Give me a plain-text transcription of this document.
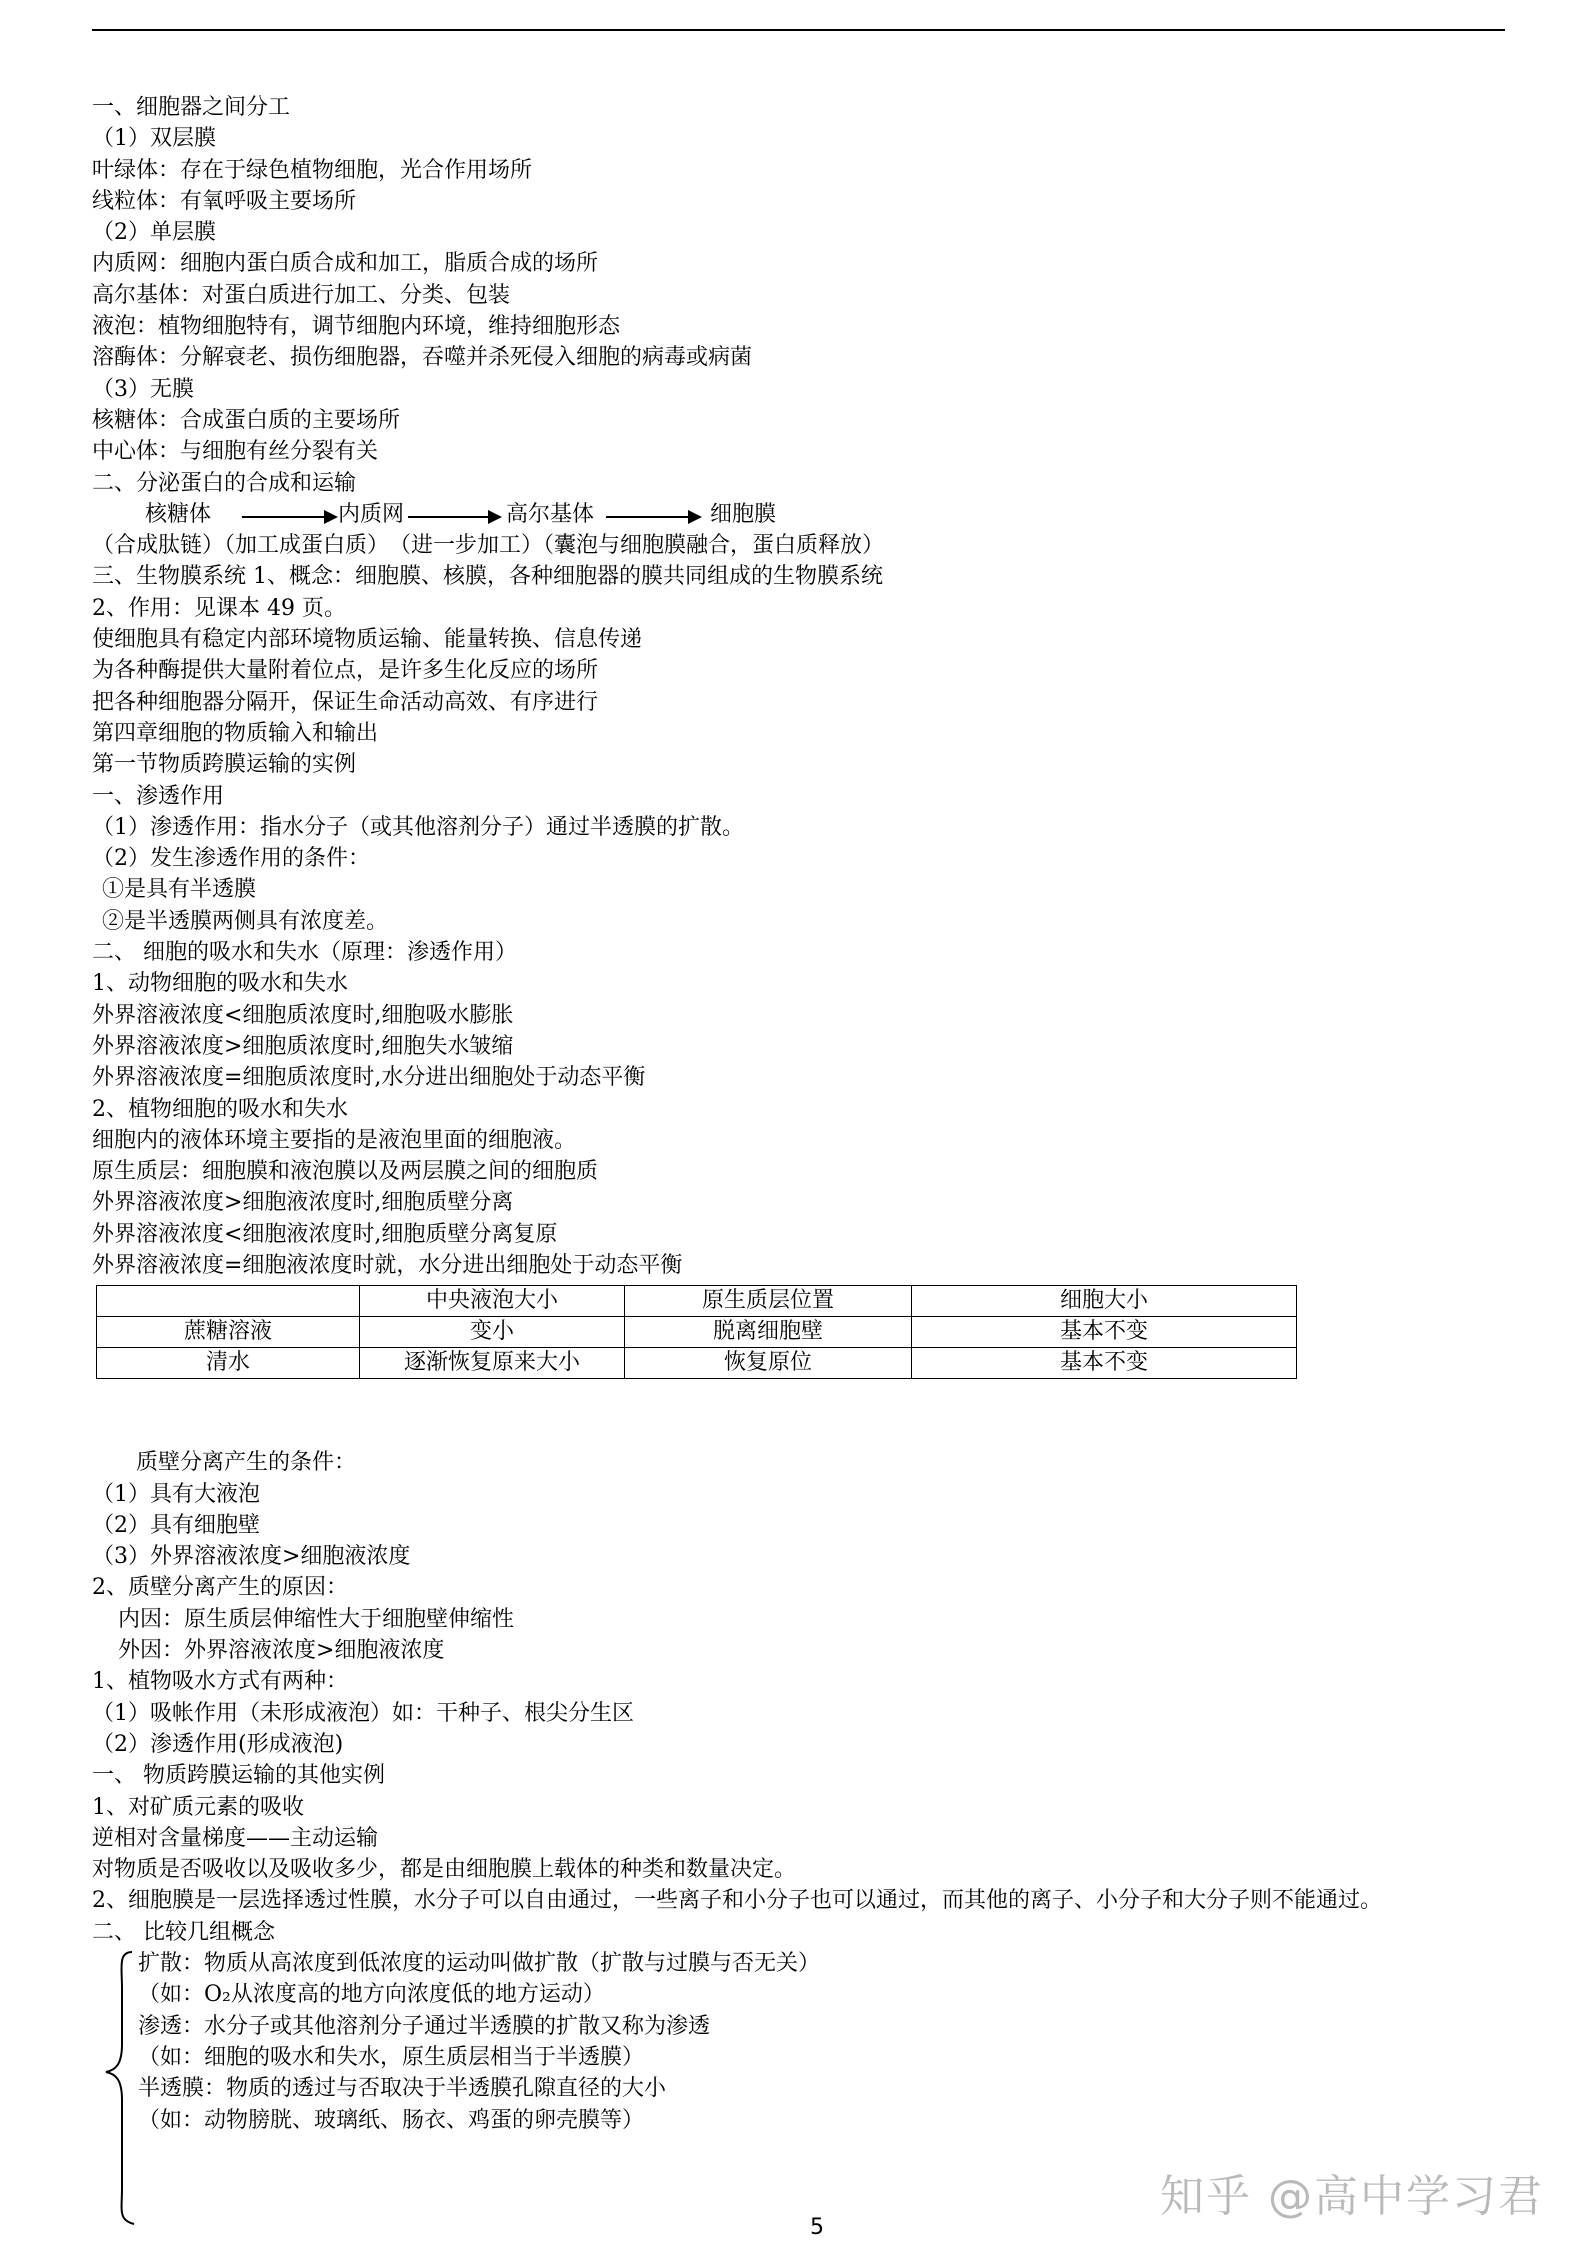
一、细胞器之间分工
（1）双层膜
叶绿体：存在于绿色植物细胞，光合作用场所
线粒体：有氧呼吸主要场所
（2）单层膜
内质网：细胞内蛋白质合成和加工，脂质合成的场所
高尔基体：对蛋白质进行加工、分类、包装
液泡：植物细胞特有，调节细胞内环境，维持细胞形态
溶酶体：分解衰老、损伤细胞器，吞噬并杀死侵入细胞的病毒或病菌
（3）无膜
核糖体：合成蛋白质的主要场所
中心体：与细胞有丝分裂有关
二、分泌蛋白的合成和运输
核糖体	内质网	高尔基体	细胞膜
（合成肽链）（加工成蛋白质）　（进一步加工）（囊泡与细胞膜融合，蛋白质释放）
三、生物膜系统 1、概念：细胞膜、核膜，各种细胞器的膜共同组成的生物膜系统
2、作用：见课本 49 页。
使细胞具有稳定内部环境物质运输、能量转换、信息传递
为各种酶提供大量附着位点，是许多生化反应的场所
把各种细胞器分隔开，保证生命活动高效、有序进行
第四章细胞的物质输入和输出
第一节物质跨膜运输的实例
一、渗透作用
（1）渗透作用：指水分子（或其他溶剂分子）通过半透膜的扩散。
（2）发生渗透作用的条件：
①是具有半透膜
②是半透膜两侧具有浓度差。
二、 细胞的吸水和失水（原理：渗透作用）
1、动物细胞的吸水和失水
外界溶液浓度<细胞质浓度时,细胞吸水膨胀
外界溶液浓度>细胞质浓度时,细胞失水皱缩
外界溶液浓度=细胞质浓度时,水分进出细胞处于动态平衡
2、植物细胞的吸水和失水
细胞内的液体环境主要指的是液泡里面的细胞液。
原生质层：细胞膜和液泡膜以及两层膜之间的细胞质
外界溶液浓度>细胞液浓度时,细胞质壁分离
外界溶液浓度<细胞液浓度时,细胞质壁分离复原
外界溶液浓度=细胞液浓度时就，水分进出细胞处于动态平衡
	中央液泡大小	原生质层位置	细胞大小
蔗糖溶液	变小	脱离细胞壁	基本不变
清水	逐渐恢复原来大小	恢复原位	基本不变
质壁分离产生的条件：
（1）具有大液泡
（2）具有细胞壁
（3）外界溶液浓度>细胞液浓度
2、质壁分离产生的原因：
内因：原生质层伸缩性大于细胞壁伸缩性
外因：外界溶液浓度>细胞液浓度
1、植物吸水方式有两种：
（1）吸帐作用（未形成液泡）如：干种子、根尖分生区
（2）渗透作用(形成液泡)
一、 物质跨膜运输的其他实例
1、对矿质元素的吸收
逆相对含量梯度——主动运输
对物质是否吸收以及吸收多少，都是由细胞膜上载体的种类和数量决定。
2、细胞膜是一层选择透过性膜，水分子可以自由通过，一些离子和小分子也可以通过，而其他的离子、小分子和大分子则不能通过。
二、 比较几组概念
扩散：物质从高浓度到低浓度的运动叫做扩散（扩散与过膜与否无关）
（如：O₂从浓度高的地方向浓度低的地方运动）
渗透：水分子或其他溶剂分子通过半透膜的扩散又称为渗透
（如：细胞的吸水和失水，原生质层相当于半透膜）
半透膜：物质的透过与否取决于半透膜孔隙直径的大小
（如：动物膀胱、玻璃纸、肠衣、鸡蛋的卵壳膜等）
知乎 @高中学习君
5
